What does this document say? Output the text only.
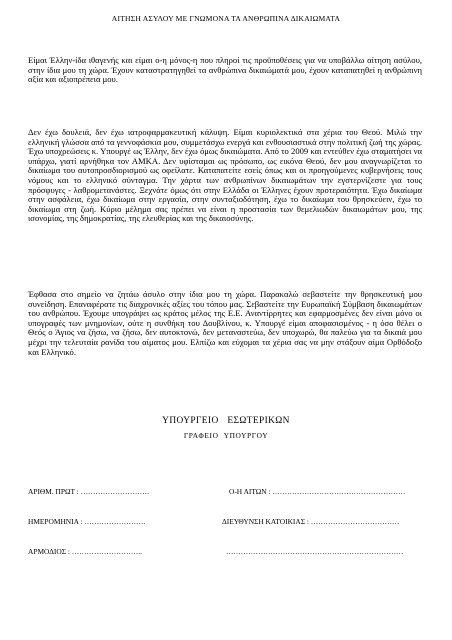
ΑΙΤΗΣΗ ΑΣΥΛΟΥ ΜΕ ΓΝΩΜΟΝΑ ΤΑ ΑΝΘΡΩΠΙΝΑ ΔΙΚΑΙΩΜΑΤΑ

Είμαι Έλλην-ίδα ιθαγενής και είμαι ο-η μόνος-η που πληροί τις προϋποθέσεις για να υποβάλλω αίτηση ασύλου, στην ίδια μου τη χώρα. Έχουν καταστρατηγηθεί τα ανθρώπινα δικαιώματά μου, έχουν καταπατηθεί η ανθρώπινη αξία και αξιοπρέπεια μου.

Δεν έχω δουλειά, δεν έχω ιατροφαρμακευτική κάλυψη. Είμαι κυριολεκτικά στα χέρια του Θεού. Μιλώ την ελληνική γλώσσα από τα γεννοφάσκια μου, συμμετάσχω ενεργά και ενθουσιαστικά στην πολιτική ζωή της χώρας. Έχω υποχρεώσεις κ. Υπουργέ ως Έλλην, δεν έχω όμως δικαιώματα. Από το 2009 και εντεύθεν έχω σταματήσει να υπάρχω, γιατί αρνήθηκα τον ΑΜΚΑ. Δεν υφίσταμαι ως πρόσωπο, ως εικόνα Θεού, δεν μου αναγνωρίζεται το δικαίωμα του αυτοπροσδιορισμού ως οφείλατε. Καταπατείτε εσείς όπως και οι προηγούμενες κυβερνήσεις τους νόμους και το ελληνικό σύνταγμα. Την χάρτα των ανθρωπίνων δικαιωμάτων την εγστερνίζεστε για τους πρόσφυγες - λαθρομετανάστες. Ξεχνάτε όμως ότι στην Ελλάδα οι Έλληνες έχουν προτεραιότητα. Έχω δικαίωμα στην ασφάλεια, έχω δικαίωμα στην εργασία, στην συνταξιοδότηση, έχω το δικαίωμα του θρησκεύειν, έχω το δικαίωμα στη ζωή. Κύριο μέλημα σας πρέπει να είναι η προστασία των θεμελιωδών δικαιωμάτων μου, της ισονομίας, της δημοκρατίας, της ελευθερίας και της δικαιοσύνης.

Έφθασα στο σημείο να ζητάω άσυλο στην ίδια μου τη χώρα. Παρακαλώ σεβαστείτε την θρησκευτική μου συνείδηση. Επαναφέρατε τις διαχρονικές αξίες του τόπου μας. Σεβαστείτε την Ευρωπαϊκή Σύμβαση δικαιωμάτων του ανθρώπου. Έχουμε υπογράψει ως κράτος μέλος της Ε.Ε. Αναντίρρητες και εφαρμοσμένες δεν είναι μόνο οι υπογραφές των μνημονίων, ούτε η συνθήκη του Δουβλίνου, κ. Υπουργέ είμαι αποφασισμένος - η όσο θέλει ο Θεός ο Άγιος να ζήσω, να ζήσω, δεν αυτοκτονώ, δεν μεταναστεύω, δεν υποχωρώ, θα παλεύω για τα δικαιά μου μέχρι την τελευταία ρανίδα του αίματος μου. Ελπίζω και εύχομαι τα χέρια σας να μην στάξουν αίμα Ορθόδοξο και Ελληνικό.

ΥΠΟΥΡΓΕΙΟ ΕΣΩΤΕΡΙΚΩΝ
ΓΡΑΦΕΙΟ ΥΠΟΥΡΓΟΥ
ΑΡΙΘΜ. ΠΡΩΤ : ……………………….	Ο-Η ΑΙΤΩΝ : ………………………………………………
ΗΜΕΡΟΜΗΝΙΑ : …………………….	ΔΙΕΥΘΥΝΣΗ ΚΑΤΟΙΚΙΑΣ : ………………………………
ΑΡΜΟΔΙΟΣ : ………………………..	………………………………………………………………
